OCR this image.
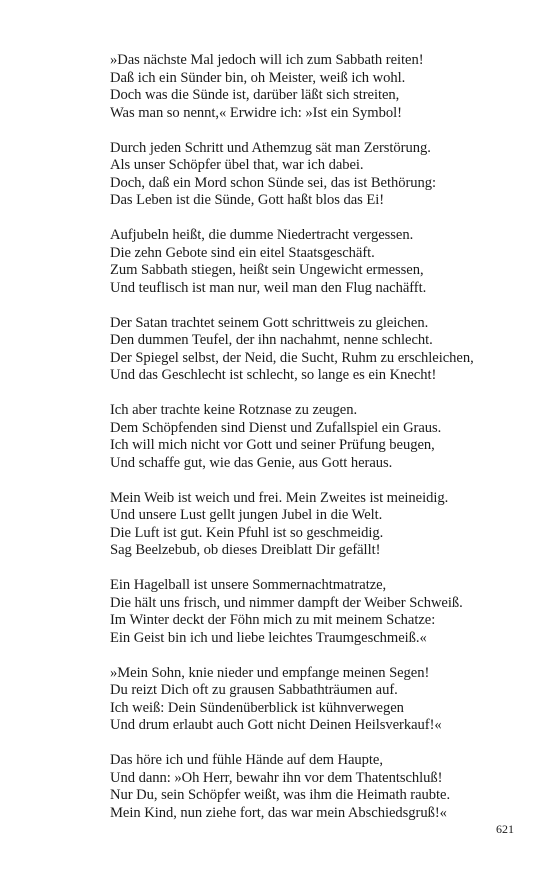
»Das nächste Mal jedoch will ich zum Sabbath reiten!
Daß ich ein Sünder bin, oh Meister, weiß ich wohl.
Doch was die Sünde ist, darüber läßt sich streiten,
Was man so nennt,« Erwidre ich: »Ist ein Symbol!
Durch jeden Schritt und Athemzug sät man Zerstörung.
Als unser Schöpfer übel that, war ich dabei.
Doch, daß ein Mord schon Sünde sei, das ist Bethörung:
Das Leben ist die Sünde, Gott haßt blos das Ei!
Aufjubeln heißt, die dumme Niedertracht vergessen.
Die zehn Gebote sind ein eitel Staatsgeschäft.
Zum Sabbath stiegen, heißt sein Ungewicht ermessen,
Und teuflisch ist man nur, weil man den Flug nachäfft.
Der Satan trachtet seinem Gott schrittweis zu gleichen.
Den dummen Teufel, der ihn nachahmt, nenne schlecht.
Der Spiegel selbst, der Neid, die Sucht, Ruhm zu erschleichen,
Und das Geschlecht ist schlecht, so lange es ein Knecht!
Ich aber trachte keine Rotznase zu zeugen.
Dem Schöpfenden sind Dienst und Zufallspiel ein Graus.
Ich will mich nicht vor Gott und seiner Prüfung beugen,
Und schaffe gut, wie das Genie, aus Gott heraus.
Mein Weib ist weich und frei. Mein Zweites ist meineidig.
Und unsere Lust gellt jungen Jubel in die Welt.
Die Luft ist gut. Kein Pfuhl ist so geschmeidig.
Sag Beelzebub, ob dieses Dreiblatt Dir gefällt!
Ein Hagelball ist unsere Sommernachtmatratze,
Die hält uns frisch, und nimmer dampft der Weiber Schweiß.
Im Winter deckt der Föhn mich zu mit meinem Schatze:
Ein Geist bin ich und liebe leichtes Traumgeschmeiß.«
»Mein Sohn, knie nieder und empfange meinen Segen!
Du reizt Dich oft zu grausen Sabbathträumen auf.
Ich weiß: Dein Sündenüberblick ist kühnverwegen
Und drum erlaubt auch Gott nicht Deinen Heilsverkauf!«
Das höre ich und fühle Hände auf dem Haupte,
Und dann: »Oh Herr, bewahr ihn vor dem Thatentschluß!
Nur Du, sein Schöpfer weißt, was ihm die Heimath raubte.
Mein Kind, nun ziehe fort, das war mein Abschiedsgruß!«
621
